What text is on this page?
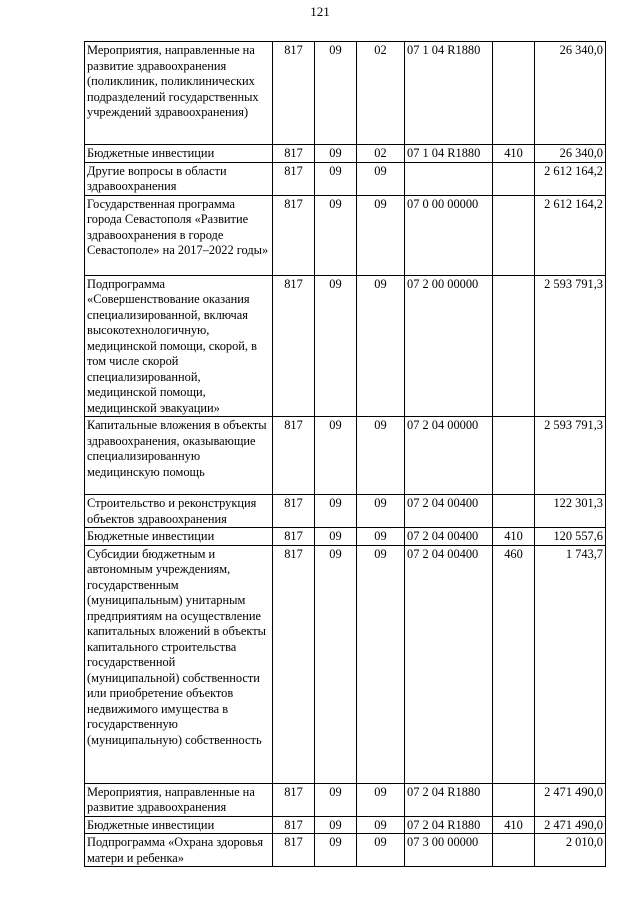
121
Мероприятия, направленные на развитие здравоохранения (поликлиник, поликлинических подразделений государственных учреждений здравоохранения)	817	09	02	07 1 04 R1880		26 340,0
Бюджетные инвестиции	817	09	02	07 1 04 R1880	410	26 340,0
Другие вопросы в области здравоохранения	817	09	09			2 612 164,2
Государственная программа города Севастополя «Развитие здравоохранения в городе Севастополе» на 2017–2022 годы»	817	09	09	07 0 00 00000		2 612 164,2
Подпрограмма «Совершенствование оказания специализированной, включая высокотехнологичную, медицинской помощи, скорой, в том числе скорой специализированной, медицинской помощи, медицинской эвакуации»	817	09	09	07 2 00 00000		2 593 791,3
Капитальные вложения в объекты здравоохранения, оказывающие специализированную медицинскую помощь	817	09	09	07 2 04 00000		2 593 791,3
Строительство и реконструкция объектов здравоохранения	817	09	09	07 2 04 00400		122 301,3
Бюджетные инвестиции	817	09	09	07 2 04 00400	410	120 557,6
Субсидии бюджетным и автономным учреждениям, государственным (муниципальным) унитарным предприятиям на осуществление капитальных вложений в объекты капитального строительства государственной (муниципальной) собственности или приобретение объектов недвижимого имущества в государственную (муниципальную) собственность	817	09	09	07 2 04 00400	460	1 743,7
Мероприятия, направленные на развитие здравоохранения	817	09	09	07 2 04 R1880		2 471 490,0
Бюджетные инвестиции	817	09	09	07 2 04 R1880	410	2 471 490,0
Подпрограмма «Охрана здоровья матери и ребенка»	817	09	09	07 3 00 00000		2 010,0
